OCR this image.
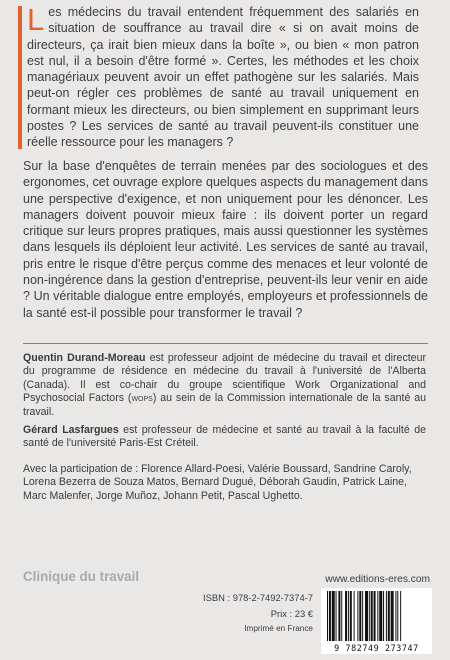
Les médecins du travail entendent fréquemment des salariés en situation de souffrance au travail dire « si on avait moins de directeurs, ça irait bien mieux dans la boîte », ou bien « mon patron est nul, il a besoin d'être formé ». Certes, les méthodes et les choix managériaux peuvent avoir un effet pathogène sur les salariés. Mais peut-on régler ces problèmes de santé au travail uniquement en formant mieux les directeurs, ou bien simplement en supprimant leurs postes ? Les services de santé au travail peuvent-ils constituer une réelle ressource pour les managers ?

Sur la base d'enquêtes de terrain menées par des sociologues et des ergonomes, cet ouvrage explore quelques aspects du management dans une perspective d'exigence, et non uniquement pour les dénoncer. Les managers doivent pouvoir mieux faire : ils doivent porter un regard critique sur leurs propres pratiques, mais aussi questionner les systèmes dans lesquels ils déploient leur activité. Les services de santé au travail, pris entre le risque d'être perçus comme des menaces et leur volonté de non-ingérence dans la gestion d'entreprise, peuvent-ils leur venir en aide ? Un véritable dialogue entre employés, employeurs et professionnels de la santé est-il possible pour transformer le travail ?

Quentin Durand-Moreau est professeur adjoint de médecine du travail et directeur du programme de résidence en médecine du travail à l'université de l'Alberta (Canada). Il est co-chair du groupe scientifique Work Organizational and Psychosocial Factors (wops) au sein de la Commission internationale de la santé au travail.

Gérard Lasfargues est professeur de médecine et santé au travail à la faculté de santé de l'université Paris-Est Créteil.

Avec la participation de : Florence Allard-Poesi, Valérie Boussard, Sandrine Caroly, Lorena Bezerra de Souza Matos, Bernard Dugué, Déborah Gaudin, Patrick Laine, Marc Malenfer, Jorge Muñoz, Johann Petit, Pascal Ughetto.

Clinique du travail	www.editions-eres.com
ISBN : 978-2-7492-7374-7
Prix : 23 €
Imprimé en France
9 782749 273747
